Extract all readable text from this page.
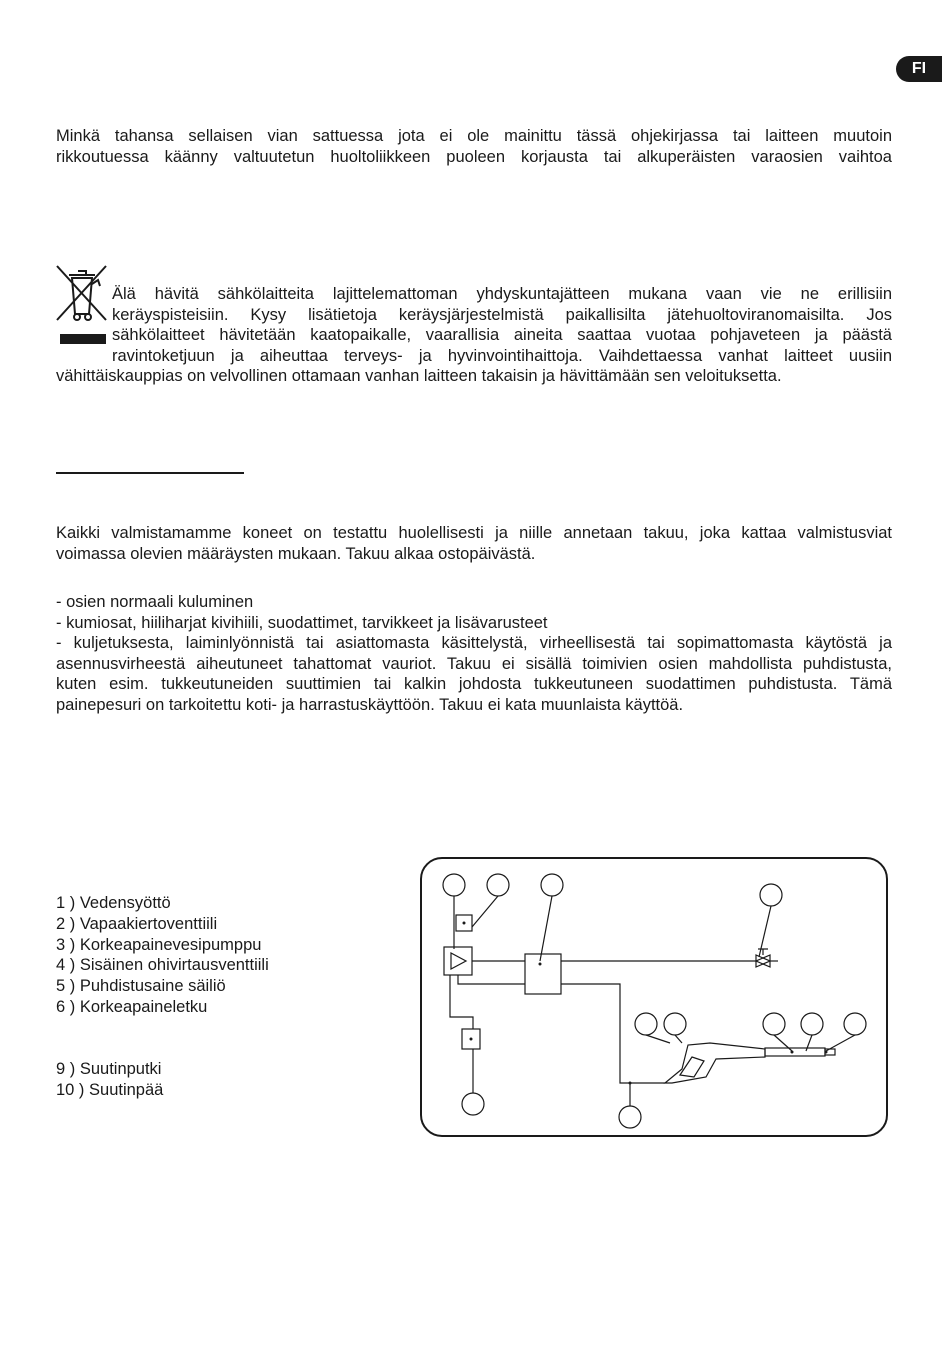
FI
Minkä tahansa sellaisen vian sattuessa jota ei ole mainittu tässä ohjekirjassa tai laitteen muutoin
rikkoutuessa käänny valtuutetun huoltoliikkeen puoleen korjausta tai alkuperäisten varaosien vaihtoa
Älä hävitä sähkölaitteita lajittelemattoman yhdyskuntajätteen mukana vaan vie ne erillisiin
keräyspisteisiin. Kysy lisätietoja keräysjärjestelmistä paikallisilta jätehuoltoviranomaisilta. Jos
sähkölaitteet hävitetään kaatopaikalle, vaarallisia aineita saattaa vuotaa pohjaveteen ja päästä
ravintoketjuun ja aiheuttaa terveys- ja hyvinvointihaittoja. Vaihdettaessa vanhat laitteet uusiin
vähittäiskauppias on velvollinen ottamaan vanhan laitteen takaisin ja hävittämään sen veloituksetta.
Kaikki valmistamamme koneet on testattu huolellisesti ja niille annetaan takuu, joka kattaa valmistusviat
voimassa olevien määräysten mukaan. Takuu alkaa ostopäivästä.
- osien normaali kuluminen
- kumiosat, hiiliharjat kivihiili, suodattimet, tarvikkeet ja lisävarusteet
- kuljetuksesta, laiminlyönnistä tai asiattomasta käsittelystä, virheellisestä tai sopimattomasta käytöstä ja
asennusvirheestä aiheutuneet tahattomat vauriot. Takuu ei sisällä toimivien osien mahdollista puhdistusta,
kuten esim. tukkeutuneiden suuttimien tai kalkin johdosta tukkeutuneen suodattimen puhdistusta. Tämä
painepesuri on tarkoitettu koti- ja harrastuskäyttöön. Takuu ei kata muunlaista käyttöä.
1 ) Vedensyöttö
2 ) Vapaakiertoventtiili
3 ) Korkeapainevesipumppu
4 ) Sisäinen ohivirtausventtiili
5 ) Puhdistusaine säiliö
6 ) Korkeapaineletku
9 ) Suutinputki
10 ) Suutinpää
